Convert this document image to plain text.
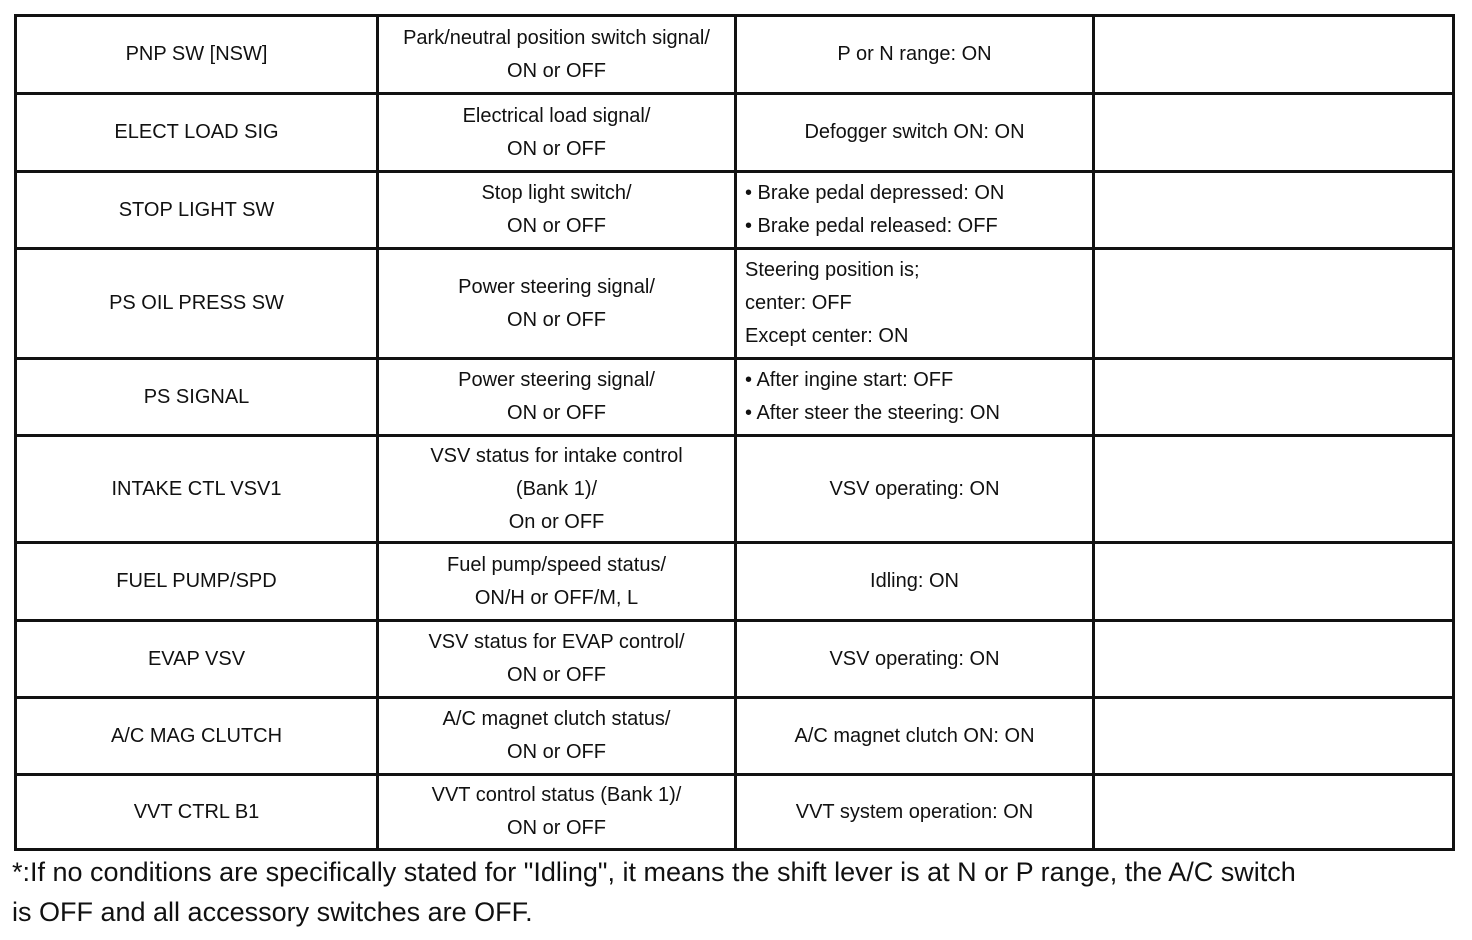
PNP SW [NSW]	Park/neutral position switch signal/
ON or OFF	P or N range: ON	

ELECT LOAD SIG	Electrical load signal/
ON or OFF	Defogger switch ON: ON	

STOP LIGHT SW	Stop light switch/
ON or OFF	• Brake pedal depressed: ON
• Brake pedal released: OFF	

PS OIL PRESS SW	Power steering signal/
ON or OFF	Steering position is;
center: OFF
Except center: ON	

PS SIGNAL	Power steering signal/
ON or OFF	• After ingine start: OFF
• After steer the steering: ON	

INTAKE CTL VSV1	VSV status for intake control
(Bank 1)/
On or OFF	VSV operating: ON	

FUEL PUMP/SPD	Fuel pump/speed status/
ON/H or OFF/M, L	Idling: ON	

EVAP VSV	VSV status for EVAP control/
ON or OFF	VSV operating: ON	

A/C MAG CLUTCH	A/C magnet clutch status/
ON or OFF	A/C magnet clutch ON: ON	

VVT CTRL B1	VVT control status (Bank 1)/
ON or OFF	VVT system operation: ON	

*:If no conditions are specifically stated for "Idling", it means the shift lever is at N or P range, the A/C switch
is OFF and all accessory switches are OFF.
